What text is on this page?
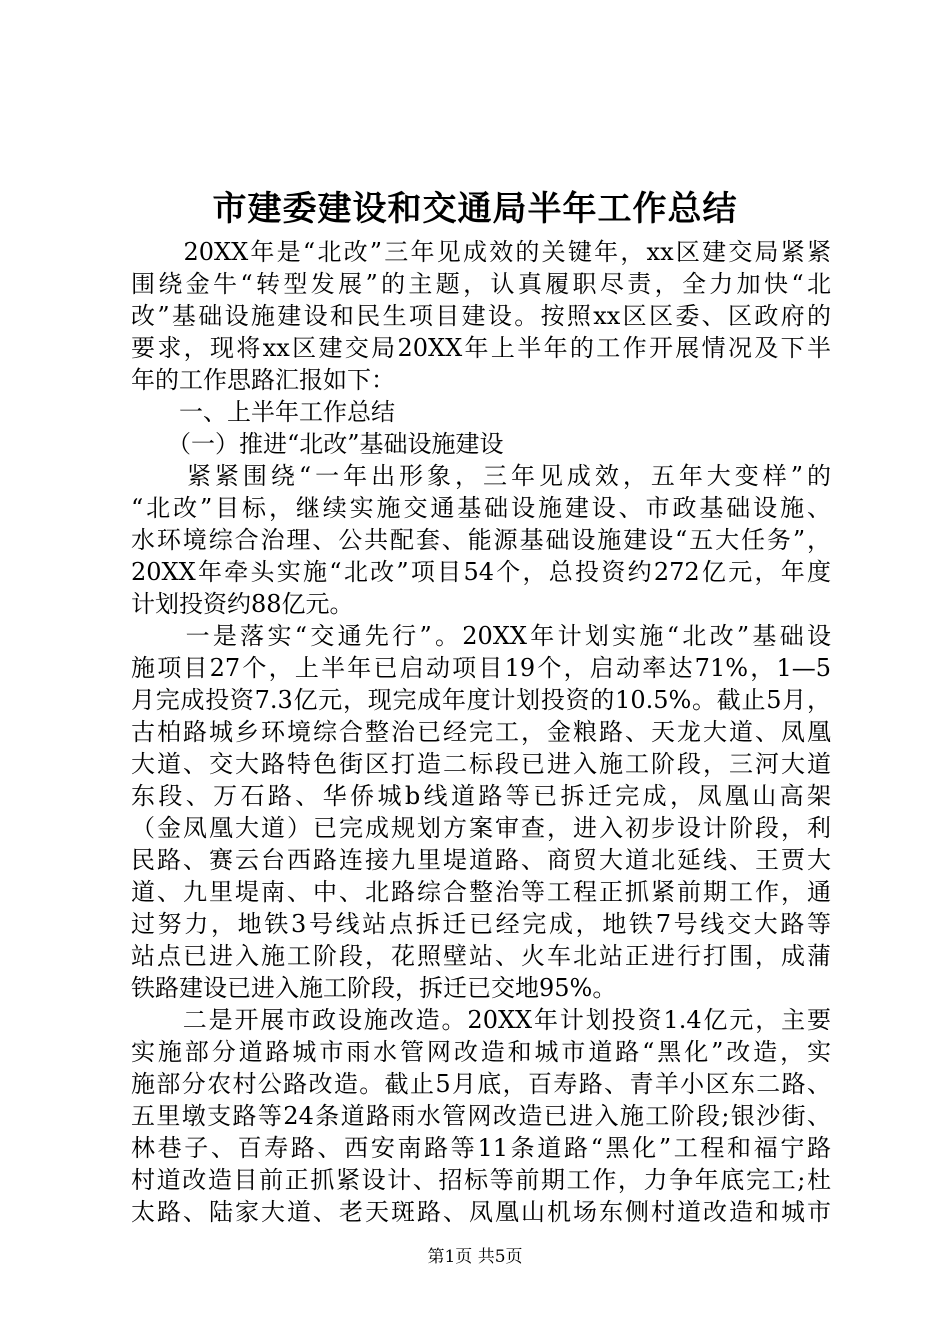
市建委建设和交通局半年工作总结
　　20XX年是“北改”三年见成效的关键年，xx区建交局紧紧
围绕金牛“转型发展”的主题，认真履职尽责，全力加快“北
改”基础设施建设和民生项目建设。按照xx区区委、区政府的
要求，现将xx区建交局20XX年上半年的工作开展情况及下半
年的工作思路汇报如下：
　　一、上半年工作总结
　　（一）推进“北改”基础设施建设
　　紧紧围绕“一年出形象，三年见成效，五年大变样”的
“北改”目标，继续实施交通基础设施建设、市政基础设施、
水环境综合治理、公共配套、能源基础设施建设“五大任务”，
20XX年牵头实施“北改”项目54个，总投资约272亿元，年度
计划投资约88亿元。
　　一是落实“交通先行”。20XX年计划实施“北改”基础设
施项目27个，上半年已启动项目19个，启动率达71%，1—5
月完成投资7.3亿元，现完成年度计划投资的10.5%。截止5月，
古柏路城乡环境综合整治已经完工，金粮路、天龙大道、凤凰
大道、交大路特色街区打造二标段已进入施工阶段，三河大道
东段、万石路、华侨城b线道路等已拆迁完成，凤凰山高架
（金凤凰大道）已完成规划方案审查，进入初步设计阶段，利
民路、赛云台西路连接九里堤道路、商贸大道北延线、王贾大
道、九里堤南、中、北路综合整治等工程正抓紧前期工作，通
过努力，地铁3号线站点拆迁已经完成，地铁7号线交大路等
站点已进入施工阶段，花照壁站、火车北站正进行打围，成蒲
铁路建设已进入施工阶段，拆迁已交地95%。
　　二是开展市政设施改造。20XX年计划投资1.4亿元，主要
实施部分道路城市雨水管网改造和城市道路“黑化”改造，实
施部分农村公路改造。截止5月底，百寿路、青羊小区东二路、
五里墩支路等24条道路雨水管网改造已进入施工阶段;银沙街、
林巷子、百寿路、西安南路等11条道路“黑化”工程和福宁路
村道改造目前正抓紧设计、招标等前期工作，力争年底完工;杜
太路、陆家大道、老天斑路、凤凰山机场东侧村道改造和城市
第1页 共5页
